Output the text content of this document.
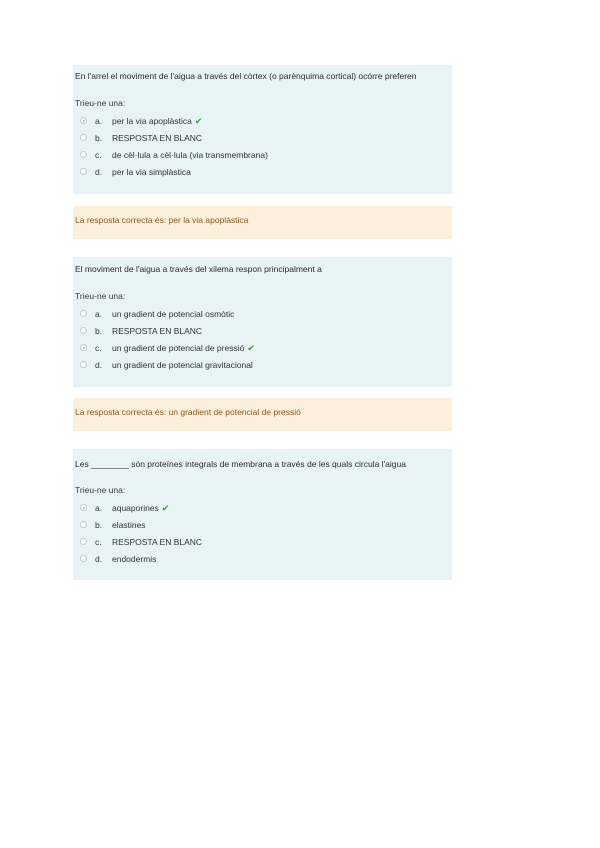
En l'arrel el moviment de l'aigua a través del còrtex (o parènquima cortical) ocórre preferen
Trieu-ne una:
a. per la via apoplàstica ✔
b. RESPOSTA EN BLANC
c. de cèl·lula a cèl·lula (via transmembrana)
d. per la via simplàstica
La resposta correcta és: per la via apoplàstica
El moviment de l'aigua a través del xilema respon principalment a
Trieu-ne una:
a. un gradient de potencial osmòtic
b. RESPOSTA EN BLANC
c. un gradient de potencial de pressió ✔
d. un gradient de potencial gravitacional
La resposta correcta és: un gradient de potencial de pressió
Les ________ són proteïnes integrals de membrana a través de les quals circula l'aigua
Trieu-ne una:
a. aquaporines ✔
b. elastines
c. RESPOSTA EN BLANC
d. endodermis
